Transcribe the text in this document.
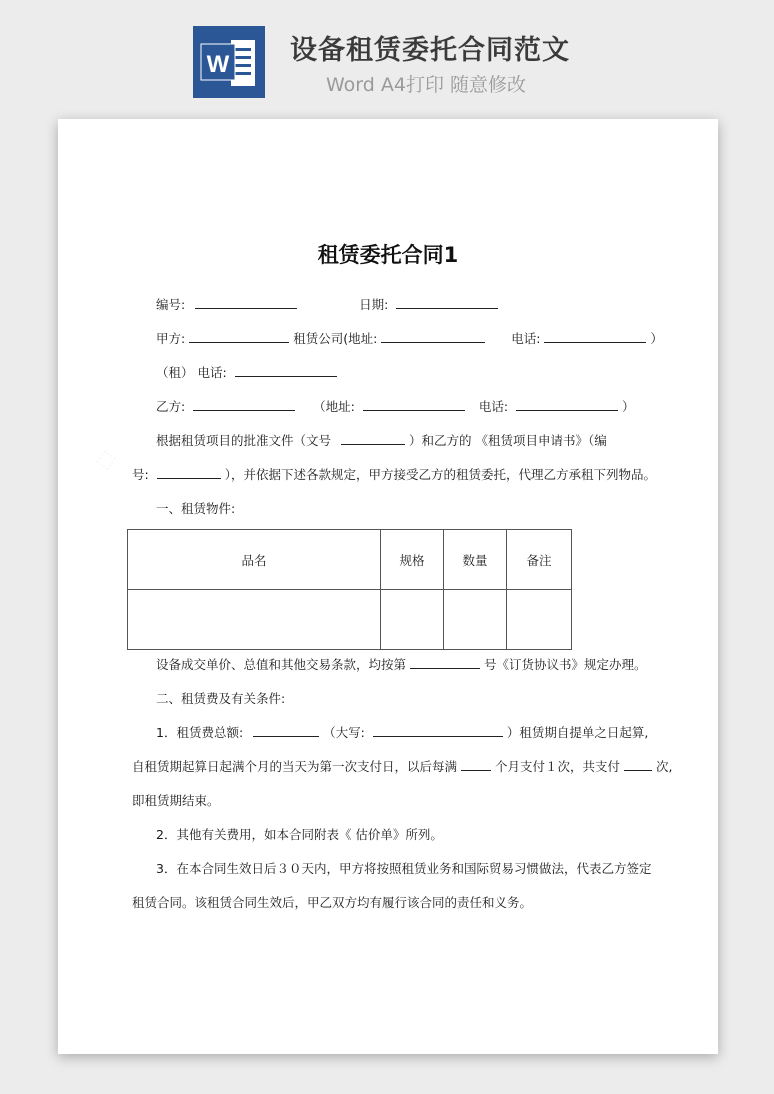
W 设备租赁委托合同范文
Word A4打印 随意修改
⬚
租赁委托合同1
编号:	日期:
甲方:	租赁公司(地址:	电话:	）
（租） 电话:
乙方:	（地址:	电话:	）
根据租赁项目的批准文件（文号	）和乙方的 《租赁项目申请书》（编
号:	），并依据下述各款规定，甲方接受乙方的租赁委托，代理乙方承租下列物品。
一、租赁物件:
品名	规格	数量	备注

设备成交单价、总值和其他交易条款，均按第	号《订货协议书》规定办理。
二、租赁费及有关条件:
1．租赁费总额:	（大写:	）租赁期自提单之日起算,
自租赁期起算日起满个月的当天为第一次支付日，以后每满	个月支付１次，共支付	次,
即租赁期结束。
2．其他有关费用，如本合同附表《 估价单》所列。
3．在本合同生效日后３０天内，甲方将按照租赁业务和国际贸易习惯做法，代表乙方签定
租赁合同。该租赁合同生效后，甲乙双方均有履行该合同的责任和义务。
